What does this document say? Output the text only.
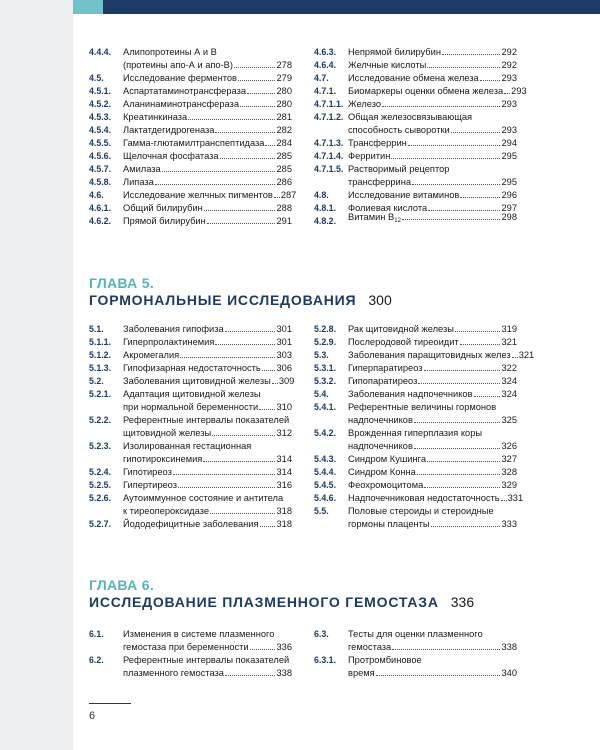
4.4.4.	Алипопротеины А и В
(протеины апо-А и апо-В)	278
4.5.	Исследование ферментов	279
4.5.1.	Аспартатаминотрансфераза	280
4.5.2.	Аланинаминотрансфераза	280
4.5.3.	Креатинкиназа	281
4.5.4.	Лактатдегидрогеназа	282
4.5.5.	Гамма-глютамилтранспептидаза 284
4.5.6.	Щелочная фосфатаза	285
4.5.7.	Амилаза	285
4.5.8.	Липаза	286
4.6.	Исследование желчных пигментов 287
4.6.1.	Общий билирубин	288
4.6.2.	Прямой билирубин	291
4.6.3.	Непрямой билирубин	292
4.6.4.	Желчные кислоты	292
4.7.	Исследование обмена железа 293
4.7.1.	Биомаркеры оценки обмена железа 293
4.7.1.1. Железо	293
4.7.1.2. Общая железосвязывающая
способность сыворотки	293
4.7.1.3. Трансферрин	294
4.7.1.4. Ферритин	295
4.7.1.5. Растворимый рецептор
трансферрина	295
4.8.	Исследование витаминов	296
4.8.1.	Фолиевая кислота	297
4.8.2.	Витамин $B_{12}$	298
ГЛАВА 5.
ГОРМОНАЛЬНЫЕ ИССЛЕДОВАНИЯ 300
5.1.	Заболевания гипофиза	301
5.1.1.	Гиперпролактинемия	301
5.1.2.	Акромегалия	303
5.1.3.	Гипофизарная недостаточность 306
5.2.	Заболевания щитовидной железы 309
5.2.1.	Адаптация щитовидной железы
при нормальной беременности 310
5.2.2.	Референтные интервалы показателей
щитовидной железы	312
5.2.3.	Изолированная гестационная
гипотироксинемия	314
5.2.4.	Гипотиреоз	314
5.2.5.	Гипертиреоз	316
5.2.6.	Аутоиммунное состояние и антитела
к тиреопероксидазе	318
5.2.7.	Йододефицитные заболевания 318
5.2.8.	Рак щитовидной железы	319
5.2.9.	Послеродовой тиреоидит	321
5.3.	Заболевания паращитовидных желез 321
5.3.1.	Гиперпаратиреоз	322
5.3.2.	Гипопаратиреоз	324
5.4.	Заболевания надпочечников	324
5.4.1.	Референтные величины гормонов
надпочечников	325
5.4.2.	Врожденная гиперплазия коры
надпочечников	326
5.4.3.	Синдром Кушинга	327
5.4.4.	Синдром Конна	328
5.4.5.	Феохромоцитома	329
5.4.6.	Надпочечниковая недостаточность 331
5.5.	Половые стероиды и стероидные
гормоны плаценты	333
ГЛАВА 6.
ИССЛЕДОВАНИЕ ПЛАЗМЕННОГО ГЕМОСТАЗА 336
6.1.	Изменения в системе плазменного
гемостаза при беременности	336
6.2.	Референтные интервалы показателей
плазменного гемостаза	338
6.3.	Тесты для оценки плазменного
гемостаза	338
6.3.1.	Протромбиновое
время	340
6
